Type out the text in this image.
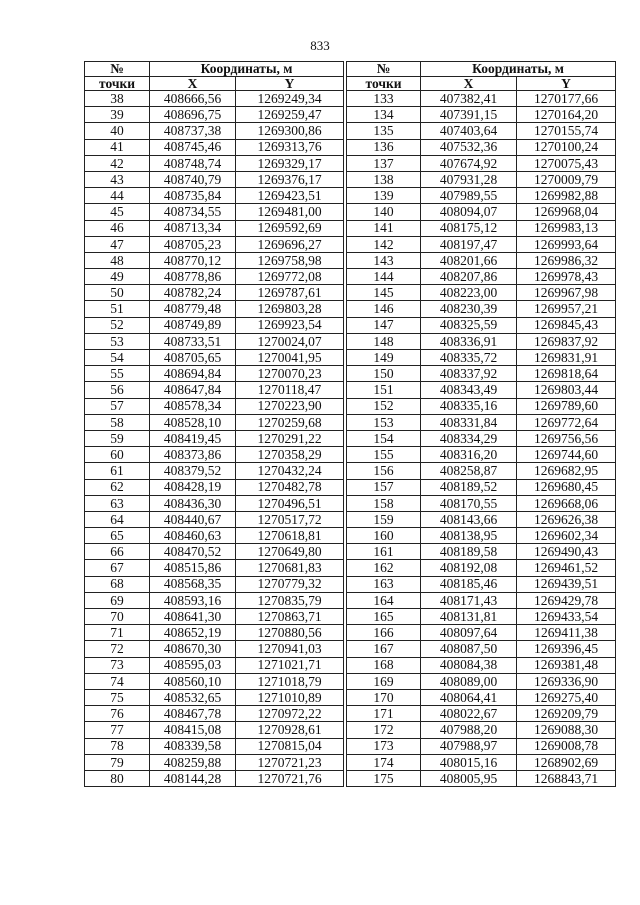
833
№	Координаты, м			№	Координаты, м	
точки	X	Y		точки	X	Y
38	408666,56	1269249,34		133	407382,41	1270177,66
39	408696,75	1269259,47		134	407391,15	1270164,20
40	408737,38	1269300,86		135	407403,64	1270155,74
41	408745,46	1269313,76		136	407532,36	1270100,24
42	408748,74	1269329,17		137	407674,92	1270075,43
43	408740,79	1269376,17		138	407931,28	1270009,79
44	408735,84	1269423,51		139	407989,55	1269982,88
45	408734,55	1269481,00		140	408094,07	1269968,04
46	408713,34	1269592,69		141	408175,12	1269983,13
47	408705,23	1269696,27		142	408197,47	1269993,64
48	408770,12	1269758,98		143	408201,66	1269986,32
49	408778,86	1269772,08		144	408207,86	1269978,43
50	408782,24	1269787,61		145	408223,00	1269967,98
51	408779,48	1269803,28		146	408230,39	1269957,21
52	408749,89	1269923,54		147	408325,59	1269845,43
53	408733,51	1270024,07		148	408336,91	1269837,92
54	408705,65	1270041,95		149	408335,72	1269831,91
55	408694,84	1270070,23		150	408337,92	1269818,64
56	408647,84	1270118,47		151	408343,49	1269803,44
57	408578,34	1270223,90		152	408335,16	1269789,60
58	408528,10	1270259,68		153	408331,84	1269772,64
59	408419,45	1270291,22		154	408334,29	1269756,56
60	408373,86	1270358,29		155	408316,20	1269744,60
61	408379,52	1270432,24		156	408258,87	1269682,95
62	408428,19	1270482,78		157	408189,52	1269680,45
63	408436,30	1270496,51		158	408170,55	1269668,06
64	408440,67	1270517,72		159	408143,66	1269626,38
65	408460,63	1270618,81		160	408138,95	1269602,34
66	408470,52	1270649,80		161	408189,58	1269490,43
67	408515,86	1270681,83		162	408192,08	1269461,52
68	408568,35	1270779,32		163	408185,46	1269439,51
69	408593,16	1270835,79		164	408171,43	1269429,78
70	408641,30	1270863,71		165	408131,81	1269433,54
71	408652,19	1270880,56		166	408097,64	1269411,38
72	408670,30	1270941,03		167	408087,50	1269396,45
73	408595,03	1271021,71		168	408084,38	1269381,48
74	408560,10	1271018,79		169	408089,00	1269336,90
75	408532,65	1271010,89		170	408064,41	1269275,40
76	408467,78	1270972,22		171	408022,67	1269209,79
77	408415,08	1270928,61		172	407988,20	1269088,30
78	408339,58	1270815,04		173	407988,97	1269008,78
79	408259,88	1270721,23		174	408015,16	1268902,69
80	408144,28	1270721,76		175	408005,95	1268843,71
